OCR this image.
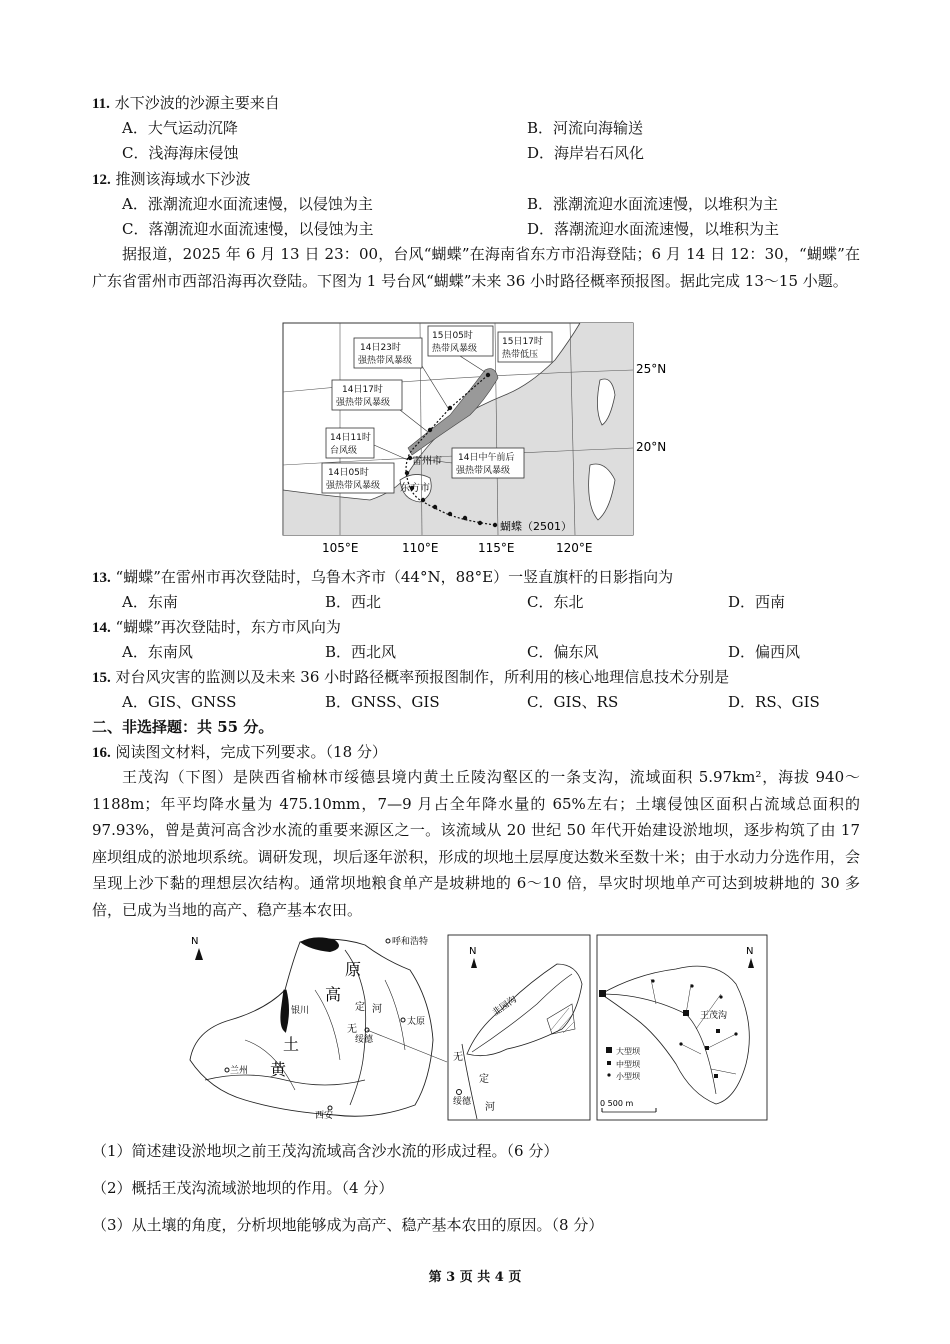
11. 水下沙波的沙源主要来自
A．大气运动沉降	B．河流向海输送
C．浅海海床侵蚀	D．海岸岩石风化
12. 推测该海域水下沙波
A．涨潮流迎水面流速慢，以侵蚀为主	B．涨潮流迎水面流速慢，以堆积为主
C．落潮流迎水面流速慢，以侵蚀为主	D．落潮流迎水面流速慢，以堆积为主
据报道，2025 年 6 月 13 日 23：00，台风“蝴蝶”在海南省东方市沿海登陆；6 月 14 日 12：30，“蝴蝶”在广东省雷州市西部沿海再次登陆。下图为 1 号台风“蝴蝶”未来 36 小时路径概率预报图。据此完成 13～15 小题。
15日05时
热带风暴级
15日17时
热带低压
14日23时
强热带风暴级
14日17时
强热带风暴级
14日11时
台风级
14日05时
强热带风暴级
14日中午前后
强热带风暴级
雷州市
东方市
蝴蝶（2501）
25°N
20°N
105°E	110°E	115°E	120°E
13. “蝴蝶”在雷州市再次登陆时，乌鲁木齐市（44°N，88°E）一竖直旗杆的日影指向为
A．东南	B．西北	C．东北	D．西南
14. “蝴蝶”再次登陆时，东方市风向为
A．东南风	B．西北风	C．偏东风	D．偏西风
15. 对台风灾害的监测以及未来 36 小时路径概率预报图制作，所利用的核心地理信息技术分别是
A．GIS、GNSS	B．GNSS、GIS	C．GIS、RS	D．RS、GIS
二、非选择题：共 55 分。
16. 阅读图文材料，完成下列要求。（18 分）
王茂沟（下图）是陕西省榆林市绥德县境内黄土丘陵沟壑区的一条支沟，流域面积 5.97km²，海拔 940～1188m；年平均降水量为 475.10mm，7—9 月占全年降水量的 65%左右；土壤侵蚀区面积占流域总面积的 97.93%，曾是黄河高含沙水流的重要来源区之一。该流域从 20 世纪 50 年代开始建设淤地坝，逐步构筑了由 17 座坝组成的淤地坝系统。调研发现，坝后逐年淤积，形成的坝地土层厚度达数米至数十米；由于水动力分选作用，会呈现上沙下黏的理想层次结构。通常坝地粮食单产是坡耕地的 6～10 倍，旱灾时坝地单产可达到坡耕地的 30 多倍，已成为当地的高产、稳产基本农田。
N	呼和浩特
原
高
土
黄
银川	定 河
无
绥德
太原
兰州
西安
N
韭园沟
无
定
河
绥德
N
王茂沟
大型坝
中型坝
小型坝
0 500 m
（1）简述建设淤地坝之前王茂沟流域高含沙水流的形成过程。（6 分）
（2）概括王茂沟流域淤地坝的作用。（4 分）
（3）从土壤的角度，分析坝地能够成为高产、稳产基本农田的原因。（8 分）
第 3 页 共 4 页
